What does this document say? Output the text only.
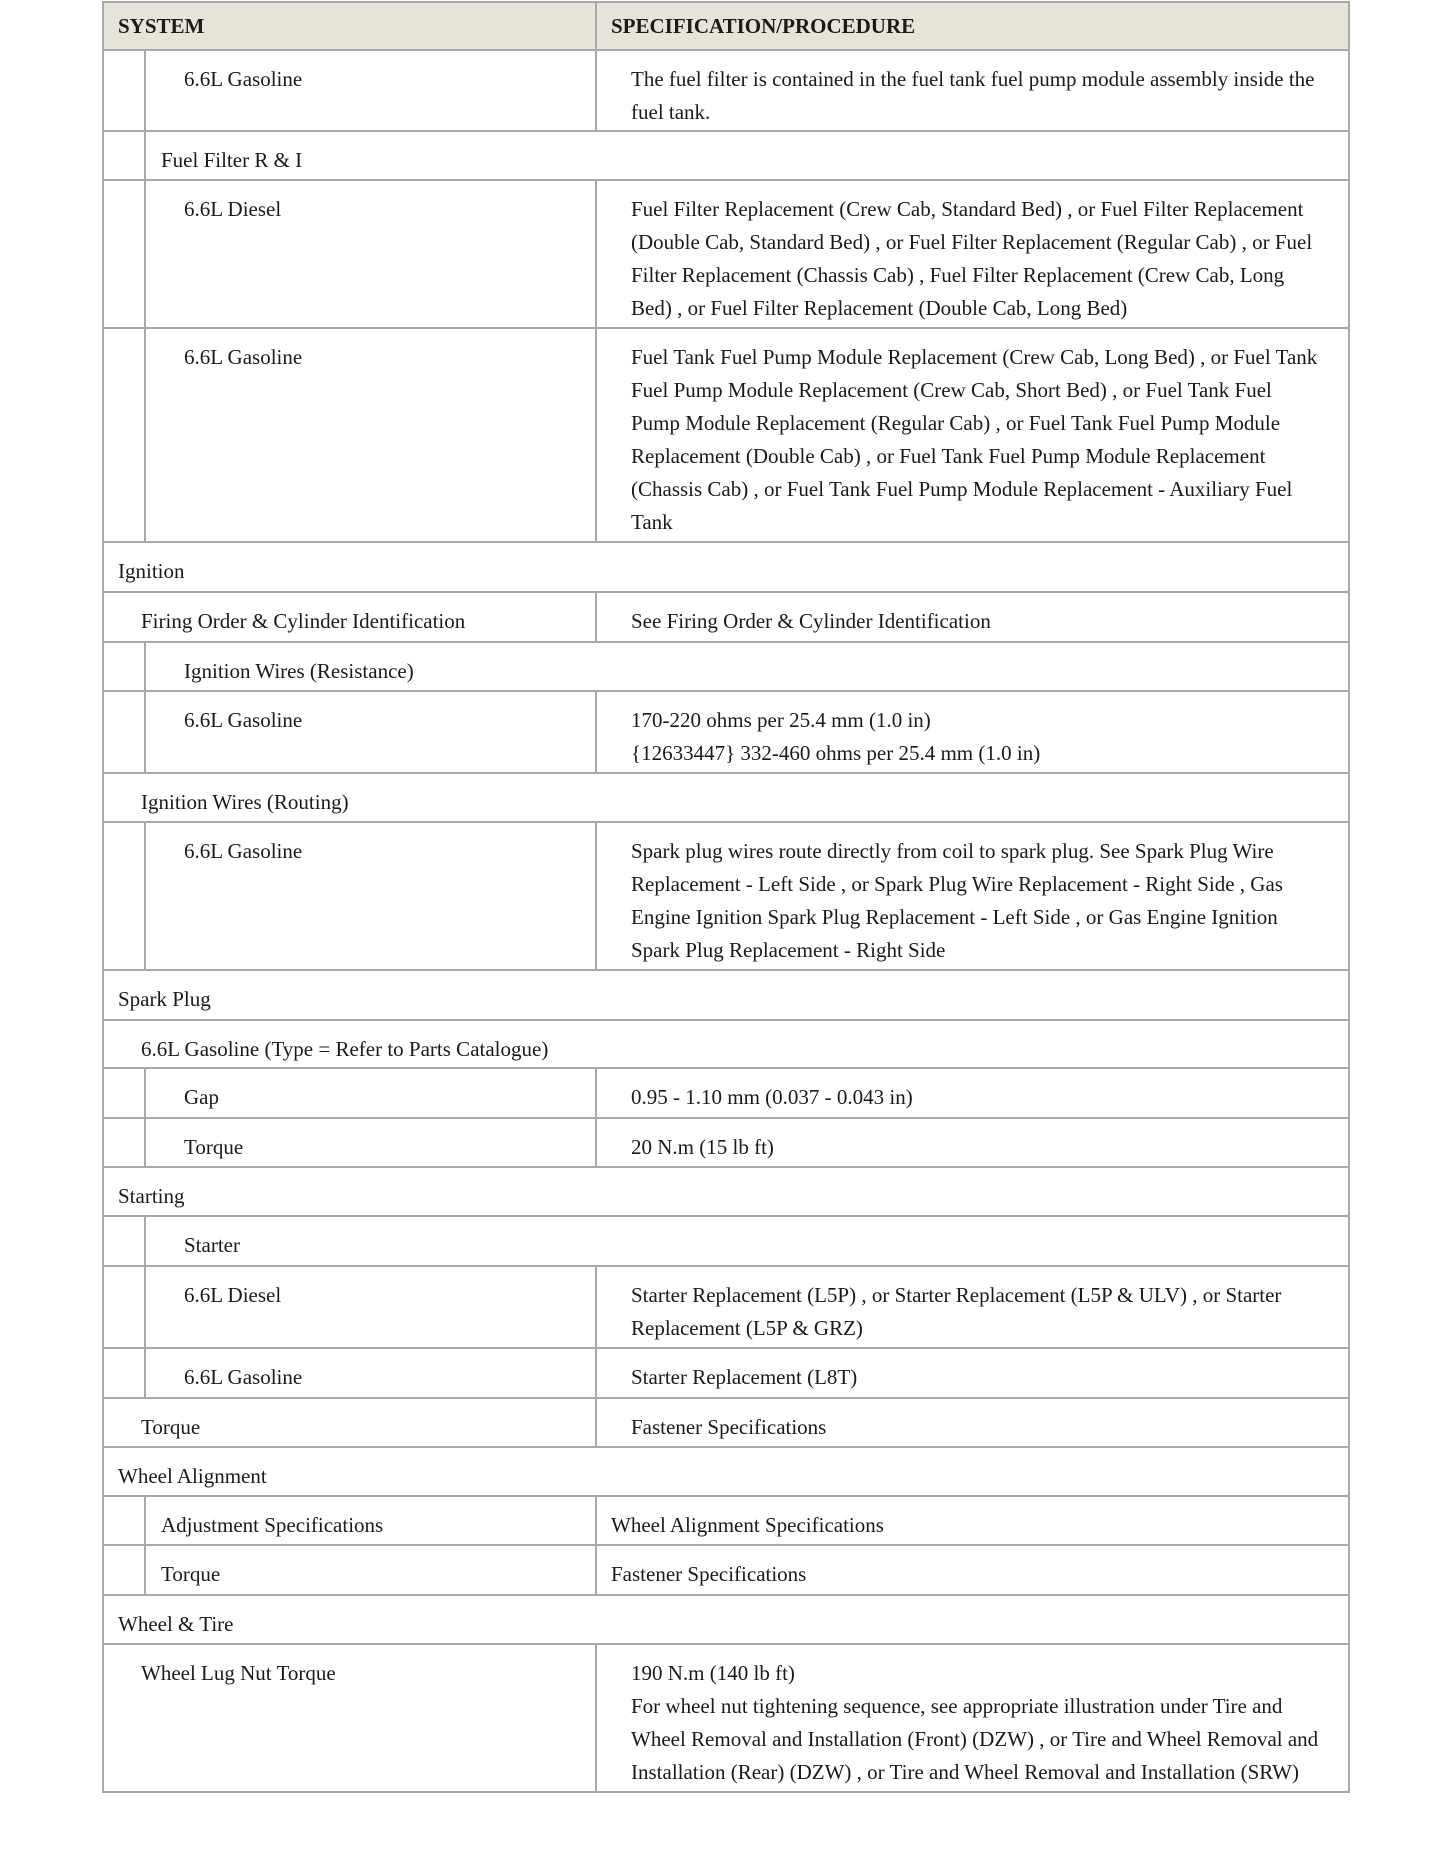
SYSTEM	SPECIFICATION/PROCEDURE
6.6L Gasoline	The fuel filter is contained in the fuel tank fuel pump module assembly inside the
fuel tank.
Fuel Filter R & I
6.6L Diesel	Fuel Filter Replacement (Crew Cab, Standard Bed) , or Fuel Filter Replacement
(Double Cab, Standard Bed) , or Fuel Filter Replacement (Regular Cab) , or Fuel
Filter Replacement (Chassis Cab) , Fuel Filter Replacement (Crew Cab, Long
Bed) , or Fuel Filter Replacement (Double Cab, Long Bed)
6.6L Gasoline	Fuel Tank Fuel Pump Module Replacement (Crew Cab, Long Bed) , or Fuel Tank
Fuel Pump Module Replacement (Crew Cab, Short Bed) , or Fuel Tank Fuel
Pump Module Replacement (Regular Cab) , or Fuel Tank Fuel Pump Module
Replacement (Double Cab) , or Fuel Tank Fuel Pump Module Replacement
(Chassis Cab) , or Fuel Tank Fuel Pump Module Replacement - Auxiliary Fuel
Tank
Ignition
Firing Order & Cylinder Identification	See Firing Order & Cylinder Identification
Ignition Wires (Resistance)
6.6L Gasoline	170-220 ohms per 25.4 mm (1.0 in)
{12633447} 332-460 ohms per 25.4 mm (1.0 in)
Ignition Wires (Routing)
6.6L Gasoline	Spark plug wires route directly from coil to spark plug. See Spark Plug Wire
Replacement - Left Side , or Spark Plug Wire Replacement - Right Side , Gas
Engine Ignition Spark Plug Replacement - Left Side , or Gas Engine Ignition
Spark Plug Replacement - Right Side
Spark Plug
6.6L Gasoline (Type = Refer to Parts Catalogue)
Gap	0.95 - 1.10 mm (0.037 - 0.043 in)
Torque	20 N.m (15 lb ft)
Starting
Starter
6.6L Diesel	Starter Replacement (L5P) , or Starter Replacement (L5P & ULV) , or Starter
Replacement (L5P & GRZ)
6.6L Gasoline	Starter Replacement (L8T)
Torque	Fastener Specifications
Wheel Alignment
Adjustment Specifications	Wheel Alignment Specifications
Torque	Fastener Specifications
Wheel & Tire
Wheel Lug Nut Torque	190 N.m (140 lb ft)
For wheel nut tightening sequence, see appropriate illustration under Tire and
Wheel Removal and Installation (Front) (DZW) , or Tire and Wheel Removal and
Installation (Rear) (DZW) , or Tire and Wheel Removal and Installation (SRW)
